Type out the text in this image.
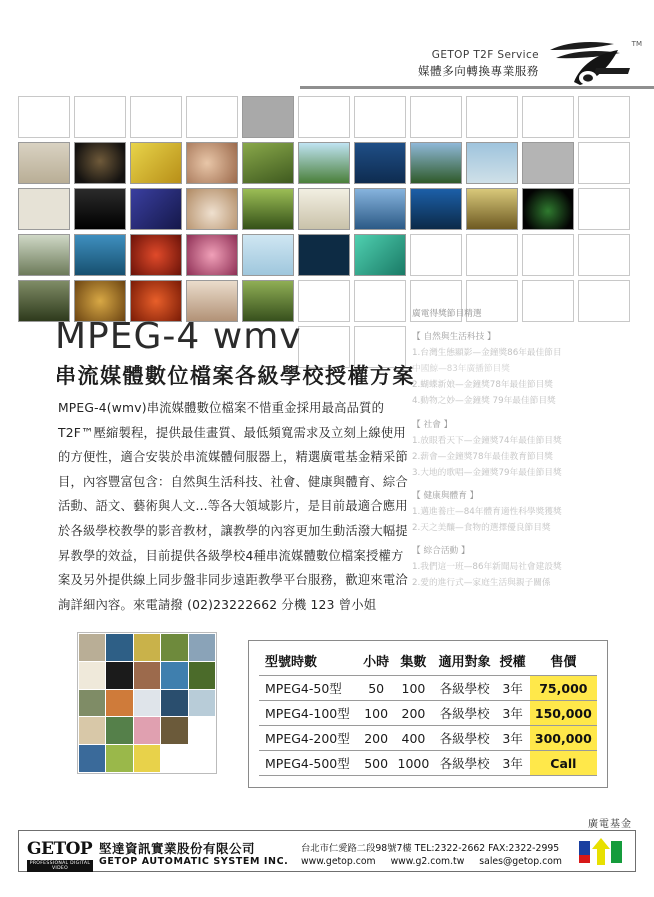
GETOP T2F Service
媒體多向轉換專業服務
TM
MPEG-4 wmv
串流媒體數位檔案各級學校授權方案

MPEG-4(wmv)串流媒體數位檔案不惜重金採用最高品質的 T2F™壓縮製程，提供最佳畫質、最低頻寬需求及立刻上線使用的方便性，適合安裝於串流媒體伺服器上，精選廣電基金精采節目，內容豐富包含：自然與生活科技、社會、健康與體育、綜合活動、語文、藝術與人文...等各大領域影片，是目前最適合應用於各級學校教學的影音教材，讓教學的內容更加生動活潑大幅提昇教學的效益，目前提供各級學校4種串流媒體數位檔案授權方案及另外提供線上同步盤非同步遠距教學平台服務，歡迎來電洽詢詳細內容。來電請撥 (02)23222662 分機 123 曾小姐

廣電得獎節目精選
【 自然與生活科技 】
1.台灣生態顯影—金鐘獎86年最佳節目
中國鯨—83年廣播節目獎
2.蝴蝶新娘—金鐘獎78年最佳節目獎
4.動物之妙—金鐘獎 79年最佳節目獎
【 社會 】
1.放眼看天下—金鐘獎74年最佳節目獎
2.薪會—金鐘獎78年最佳教育節目獎
3.大地的歌唱—金鐘獎79年最佳節目獎
【 健康與體育 】
1.邁進養庄—84年體育適性科學獎獲獎
2.天之美釀—食物的選擇優良節目獎
【 綜合活動 】
1.我們這一班—86年新聞局社會建設獎
2.愛的進行式—家庭生活與親子關係
型號時數	小時	集數	適用對象	授權	售價
MPEG4-50型	50	100	各級學校	3年	75,000
MPEG4-100型	100	200	各級學校	3年	150,000
MPEG4-200型	200	400	各級學校	3年	300,000
MPEG4-500型	500	1000	各級學校	3年	Call
廣電基金
GETOP
PROFESSIONAL DIGITAL VIDEO
堅達資訊實業股份有限公司
GETOP AUTOMATIC SYSTEM INC.
台北市仁愛路二段98號7樓 TEL:2322-2662 FAX:2322-2995
www.getop.com www.g2.com.tw sales@getop.com
